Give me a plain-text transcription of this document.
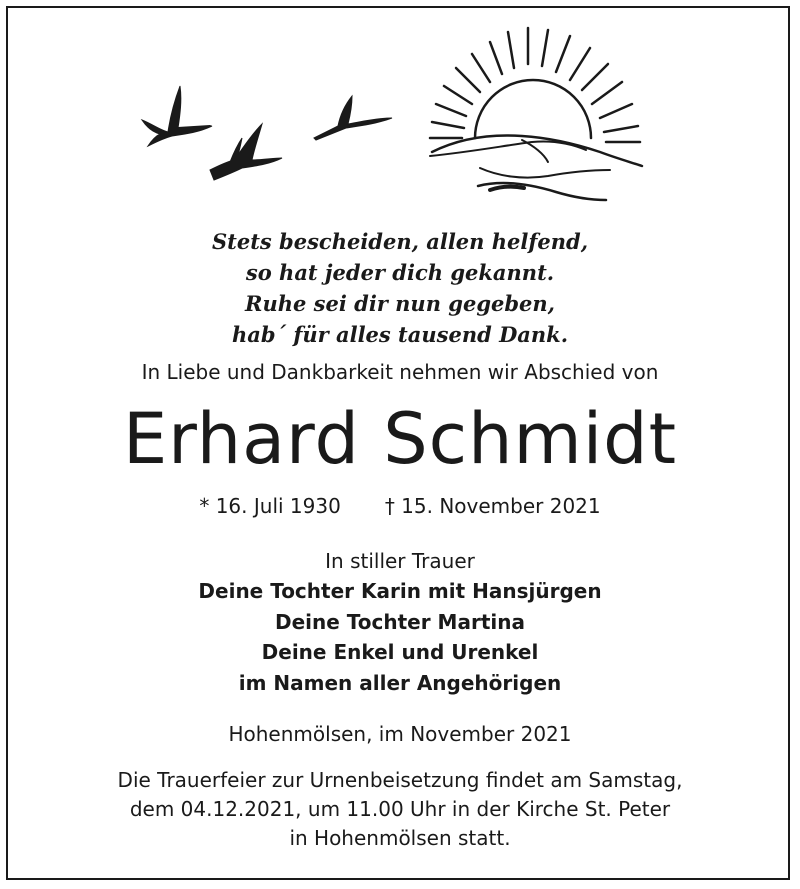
Stets bescheiden, allen helfend,
so hat jeder dich gekannt.
Ruhe sei dir nun gegeben,
hab´ für alles tausend Dank.
In Liebe und Dankbarkeit nehmen wir Abschied von
Erhard Schmidt
* 16. Juli 1930 † 15. November 2021
In stiller Trauer
Deine Tochter Karin mit Hansjürgen
Deine Tochter Martina
Deine Enkel und Urenkel
im Namen aller Angehörigen
Hohenmölsen, im November 2021
Die Trauerfeier zur Urnenbeisetzung findet am Samstag,
dem 04.12.2021, um 11.00 Uhr in der Kirche St. Peter
in Hohenmölsen statt.
